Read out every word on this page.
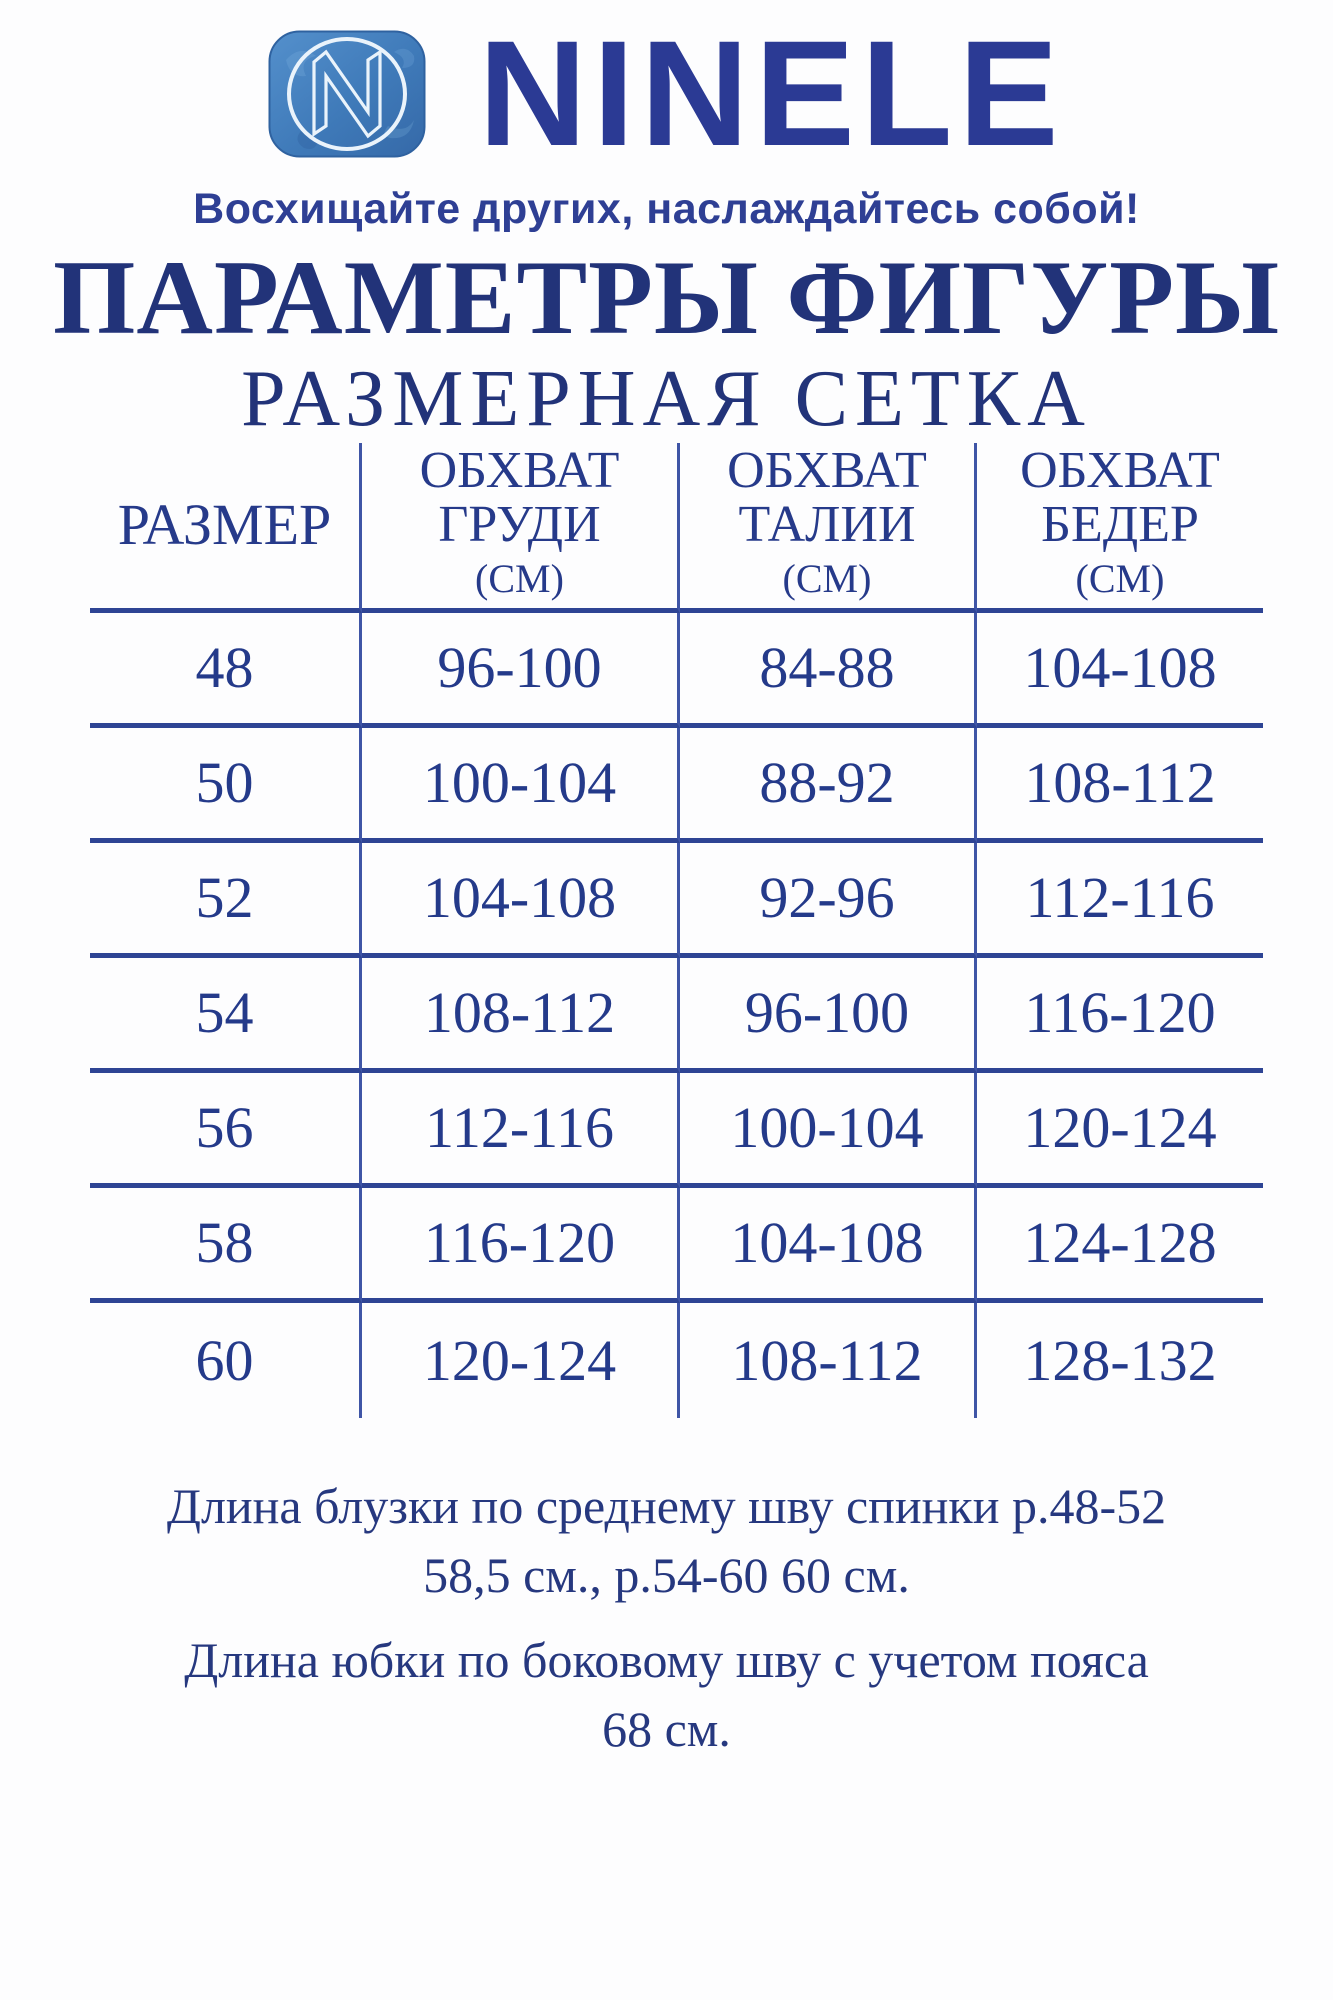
NINELE
Восхищайте других, наслаждайтесь собой!
ПАРАМЕТРЫ ФИГУРЫ
РАЗМЕРНАЯ СЕТКА
РАЗМЕР
ОБХВАТ
ГРУДИ
(СМ)
ОБХВАТ
ТАЛИИ
(СМ)
ОБХВАТ
БЕДЕР
(СМ)
48	96-100	84-88	104-108
50	100-104	88-92	108-112
52	104-108	92-96	112-116
54	108-112	96-100	116-120
56	112-116	100-104	120-124
58	116-120	104-108	124-128
60	120-124	108-112	128-132

Длина блузки по среднему шву спинки р.48-52
58,5 см., р.54-60 60 см.

Длина юбки по боковому шву с учетом пояса
68 см.
